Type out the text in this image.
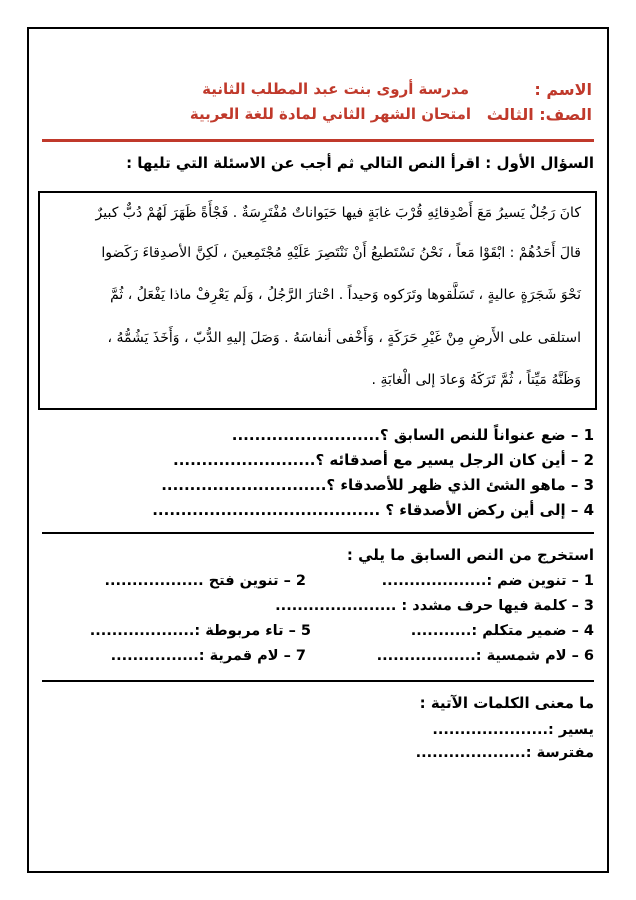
الاسم :
الصف: الثالث
مدرسة أروى بنت عبد المطلب الثانية
امتحان الشهر الثاني لمادة للغة العربية
السؤال الأول : اقرأ النص التالي ثم أجب عن الاسئلة التي تليها :
كانَ رَجُلٌ يَسيرُ مَعَ أَصْدِقائِهِ قُرْبَ غابَةٍ فيها حَيَواناتٌ مُفْتَرِسَةٌ . فَجْأَةً ظَهَرَ لَهُمْ دُبٌّ كبيرٌ
قالَ أَحَدُهُمْ : ابْقَوْا مَعاً ، نَحْنُ نَسْتَطيعُ أَنْ نَنْتَصِرَ عَلَيْهِ مُجْتَمِعينَ ، لَكِنَّ الأصدِقاءَ رَكَضوا
نَحْوَ شَجَرَةٍ عاليةٍ ، تَسَلَّقوها وتَرَكوه وَحيداً . احْتارَ الرَّجُلُ ، وَلَم يَعْرِفْ ماذا يَفْعَلُ ، ثُمَّ
استلقى على الأَرضِ مِنْ غَيْرِ حَرَكَةٍ ، وَأَخْفى أنفاسَهُ . وَصَلَ إليهِ الدُّبّ ، وَأَخَذَ يَشُمُّهُ ،
وَظَنَّهُ مَيِّتاً ، ثُمَّ تَرَكَهُ وَعادَ إلى الْغابَةِ .
1 – ضع عنواناً للنص السابق ؟..........................
2 – أين كان الرجل يسير مع أصدقائه ؟.........................
3 – ماهو الشئ الذي ظهر للأصدقاء ؟.............................
4 – إلى أين ركض الأصدقاء ؟ ........................................
استخرج من النص السابق ما يلي :
1 – تنوين ضم :...................
2 – تنوين فتح ..................
3 – كلمة فيها حرف مشدد : ......................
4 – ضمير متكلم :...........
5 – تاء مربوطة :...................
6 – لام شمسية :..................
7 – لام قمرية :................
ما معنى الكلمات الآتية :
يسير :.....................
مفترسة :....................
